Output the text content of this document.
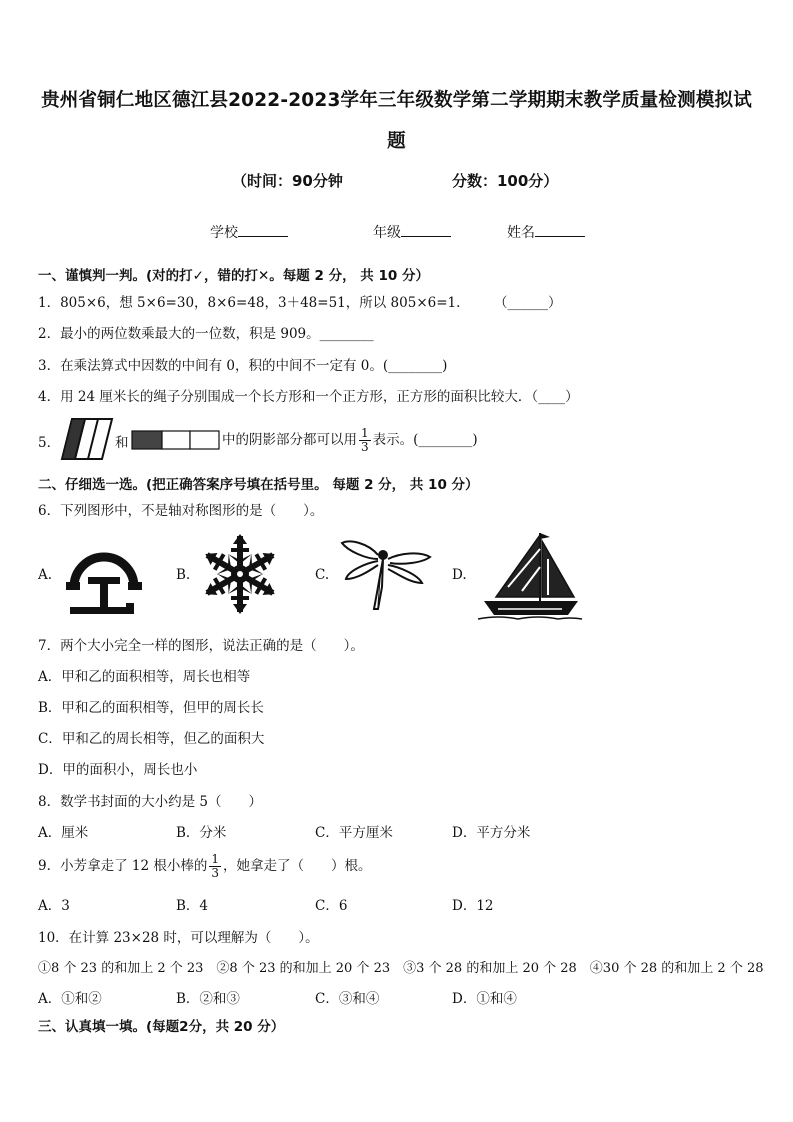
贵州省铜仁地区德江县2022-2023学年三年级数学第二学期期末教学质量检测模拟试
题
（时间：90分钟	分数：100分）
学校	年级	姓名
一、谨慎判一判。(对的打✓，错的打✕。每题 2 分， 共 10 分）
1．805×6，想 5×6=30，8×6=48，3＋48=51，所以 805×6=1. （______）
2．最小的两位数乘最大的一位数，积是 909。________
3．在乘法算式中因数的中间有 0，积的中间不一定有 0。(________)
4．用 24 厘米长的绳子分别围成一个长方形和一个正方形，正方形的面积比较大．（____）
5．	和	中的阴影部分都可以用 $\frac{1}{3}$ 表示。(________)
二、仔细选一选。(把正确答案序号填在括号里。 每题 2 分， 共 10 分）
6．下列图形中，不是轴对称图形的是（　　）。
A.	B.	C.	D.
7．两个大小完全一样的图形，说法正确的是（　　）。
A．甲和乙的面积相等，周长也相等
B．甲和乙的面积相等，但甲的周长长
C．甲和乙的周长相等，但乙的面积大
D．甲的面积小，周长也小
8．数学书封面的大小约是 5（　　）
A．厘米	B．分米	C．平方厘米	D．平方分米
9．小芳拿走了 12 根小棒的 $\frac{1}{3}$ ，她拿走了（　　）根。
A．3	B．4	C．6	D．12
10．在计算 23×28 时，可以理解为（　　）。
①8 个 23 的和加上 2 个 23　②8 个 23 的和加上 20 个 23　③3 个 28 的和加上 20 个 28　④30 个 28 的和加上 2 个 28
A．①和②	B．②和③	C．③和④	D．①和④
三、认真填一填。(每题2分，共 20 分）
